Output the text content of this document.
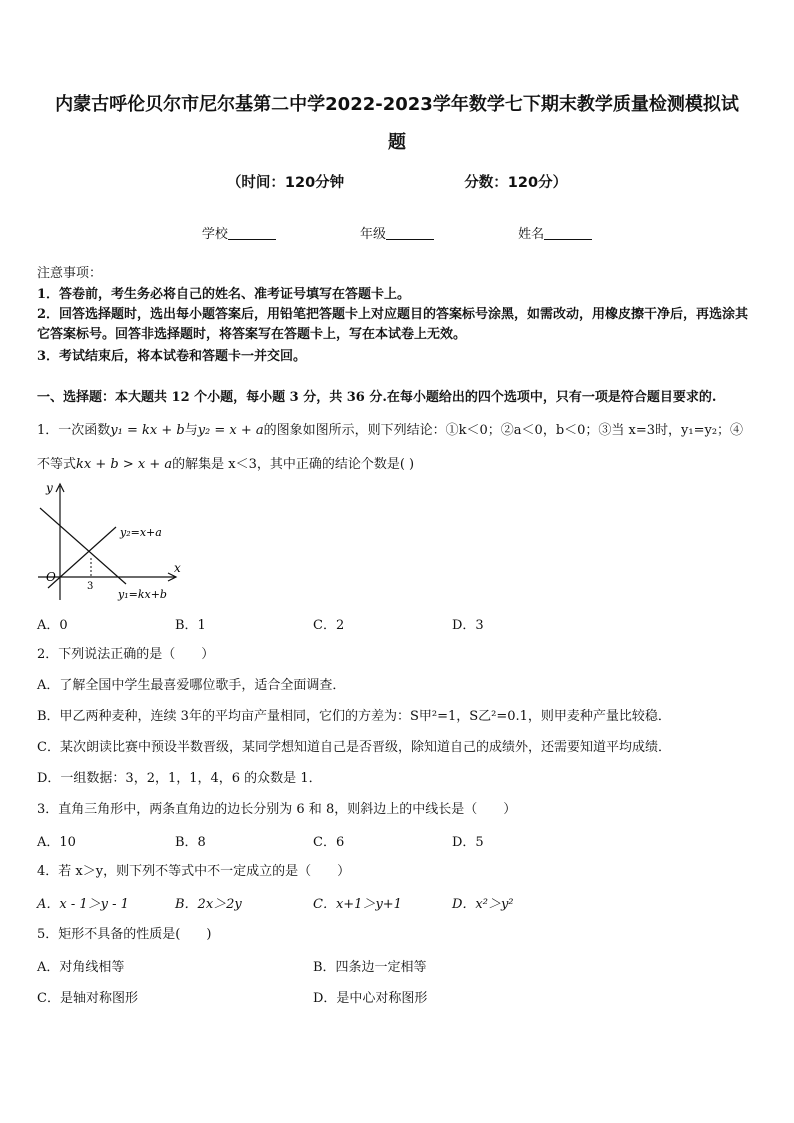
内蒙古呼伦贝尔市尼尔基第二中学2022-2023学年数学七下期末教学质量检测模拟试
题
（时间：120分钟	分数：120分）
学校	年级	姓名
注意事项：
1．答卷前，考生务必将自己的姓名、准考证号填写在答题卡上。
2．回答选择题时，选出每小题答案后，用铅笔把答题卡上对应题目的答案标号涂黑，如需改动，用橡皮擦干净后，再选涂其它答案标号。回答非选择题时，将答案写在答题卡上，写在本试卷上无效。
3．考试结束后，将本试卷和答题卡一并交回。
一、选择题：本大题共 12 个小题，每小题 3 分，共 36 分.在每小题给出的四个选项中，只有一项是符合题目要求的.
1．一次函数y₁ = kx + b与y₂ = x + a的图象如图所示，则下列结论：①k＜0；②a＜0，b＜0；③当 x=3时，y₁=y₂；④
不等式kx + b > x + a的解集是 x＜3，其中正确的结论个数是( )
y
x
O
3
y₂=x+a
y₁=kx+b
A．0	B．1	C．2	D．3
2．下列说法正确的是（　　）
A．了解全国中学生最喜爱哪位歌手，适合全面调查．
B．甲乙两种麦种，连续 3年的平均亩产量相同，它们的方差为：S甲²=1，S乙²=0.1，则甲麦种产量比较稳．
C．某次朗读比赛中预设半数晋级，某同学想知道自己是否晋级，除知道自己的成绩外，还需要知道平均成绩．
D．一组数据：3，2，1，1，4，6 的众数是 1．
3．直角三角形中，两条直角边的边长分别为 6 和 8，则斜边上的中线长是（　　）
A．10	B．8	C．6	D．5
4．若 x＞y，则下列不等式中不一定成立的是（　　）
A．x - 1＞y - 1	B．2x＞2y	C．x+1＞y+1	D．x²＞y²
5．矩形不具备的性质是(　　)
A．对角线相等	B．四条边一定相等
C．是轴对称图形	D．是中心对称图形
